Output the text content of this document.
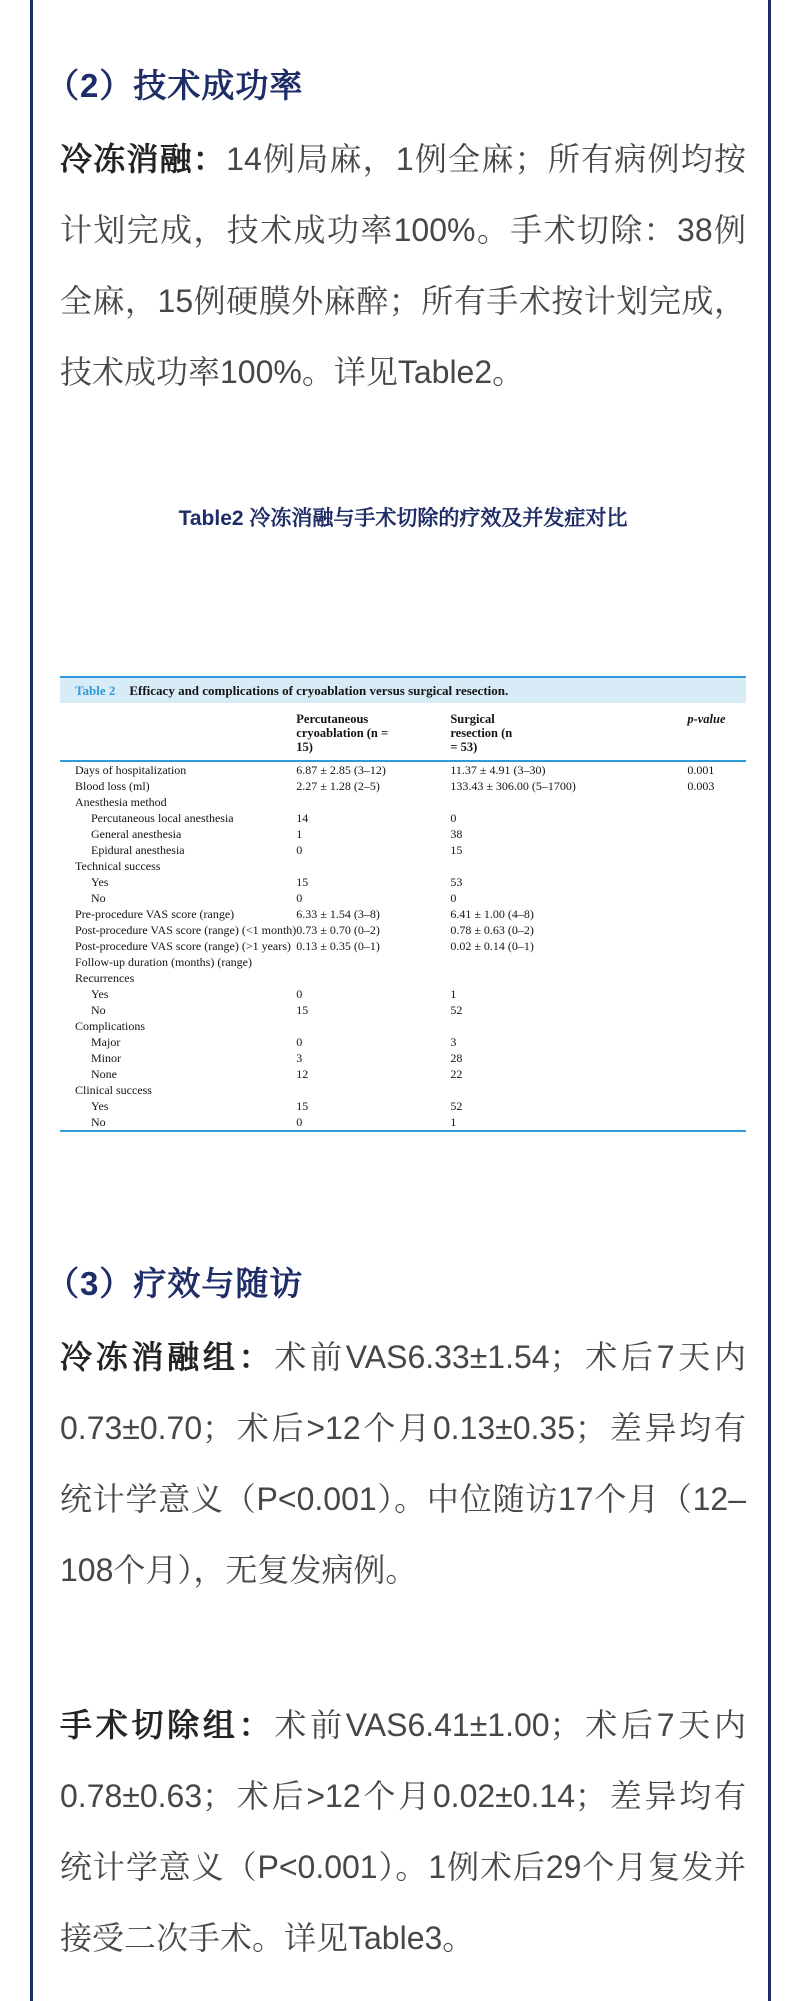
（2）技术成功率

冷冻消融：14例局麻，1例全麻；所有病例均按计划完成，技术成功率100%。手术切除：38例全麻，15例硬膜外麻醉；所有手术按计划完成，技术成功率100%。详见Table2。

Table2 冷冻消融与手术切除的疗效及并发症对比

Table 2 Efficacy and complications of cryoablation versus surgical resection.

	Percutaneous cryoablation (n = 15)	Surgical resection (n = 53)	p-value
Days of hospitalization	6.87 ± 2.85 (3–12)	11.37 ± 4.91 (3–30)	0.001
Blood loss (ml)	2.27 ± 1.28 (2–5)	133.43 ± 306.00 (5–1700)	0.003
Anesthesia method			
Percutaneous local anesthesia	14	0	
General anesthesia	1	38	
Epidural anesthesia	0	15	
Technical success			
Yes	15	53	
No	0	0	
Pre-procedure VAS score (range)	6.33 ± 1.54 (3–8)	6.41 ± 1.00 (4–8)	
Post-procedure VAS score (range) (<1 month)	0.73 ± 0.70 (0–2)	0.78 ± 0.63 (0–2)	
Post-procedure VAS score (range) (>1 years)	0.13 ± 0.35 (0–1)	0.02 ± 0.14 (0–1)	
Follow-up duration (months) (range)			
Recurrences			
Yes	0	1	
No	15	52	
Complications			
Major	0	3	
Minor	3	28	
None	12	22	
Clinical success			
Yes	15	52	
No	0	1	
（3）疗效与随访

冷冻消融组：术前VAS6.33±1.54；术后7天内0.73±0.70；术后>12个月0.13±0.35；差异均有统计学意义（P<0.001）。中位随访17个月（12–108个月），无复发病例。

手术切除组：术前VAS6.41±1.00；术后7天内0.78±0.63；术后>12个月0.02±0.14；差异均有统计学意义（P<0.001）。1例术后29个月复发并接受二次手术。详见Table3。
